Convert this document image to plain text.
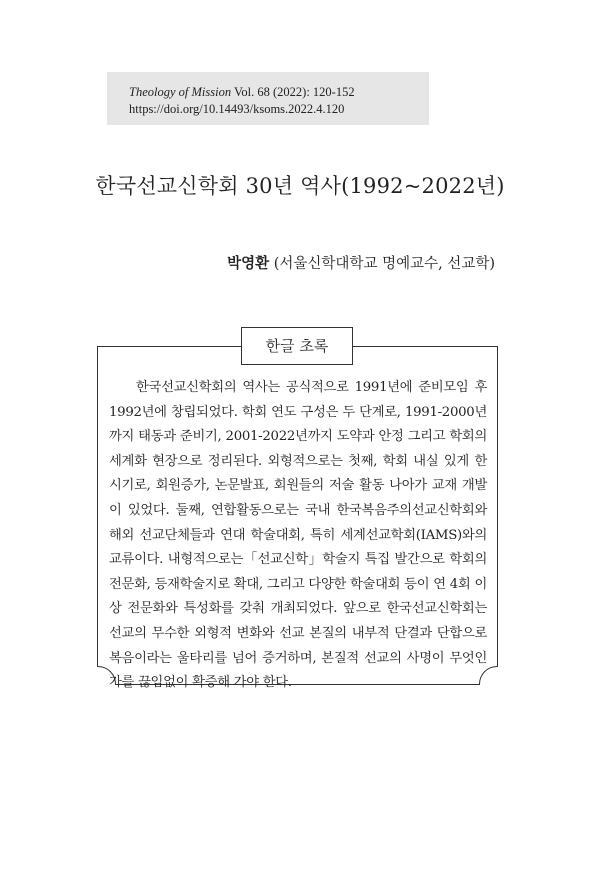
Theology of Mission Vol. 68 (2022): 120-152
https://doi.org/10.14493/ksoms.2022.4.120
한국선교신학회 30년 역사(1992~2022년)
박영환 (서울신학대학교 명예교수, 선교학)
한글 초록
한국선교신학회의 역사는 공식적으로 1991년에 준비모임 후 1992년에 창립되었다. 학회 연도 구성은 두 단계로, 1991-2000년까지 태동과 준비기, 2001-2022년까지 도약과 안정 그리고 학회의 세계화 현장으로 정리된다. 외형적으로는 첫째, 학회 내실 있게 한 시기로, 회원증가, 논문발표, 회원들의 저술 활동 나아가 교재 개발이 있었다. 둘째, 연합활동으로는 국내 한국복음주의선교신학회와 해외 선교단체들과 연대 학술대회, 특히 세계선교학회(IAMS)와의 교류이다. 내형적으로는「선교신학」학술지 특집 발간으로 학회의 전문화, 등재학술지로 확대, 그리고 다양한 학술대회 등이 연 4회 이상 전문화와 특성화를 갖춰 개최되었다. 앞으로 한국선교신학회는 선교의 무수한 외형적 변화와 선교 본질의 내부적 단결과 단합으로 복음이라는 울타리를 넘어 증거하며, 본질적 선교의 사명이 무엇인가를 끊임없이 확증해 가야 한다.
